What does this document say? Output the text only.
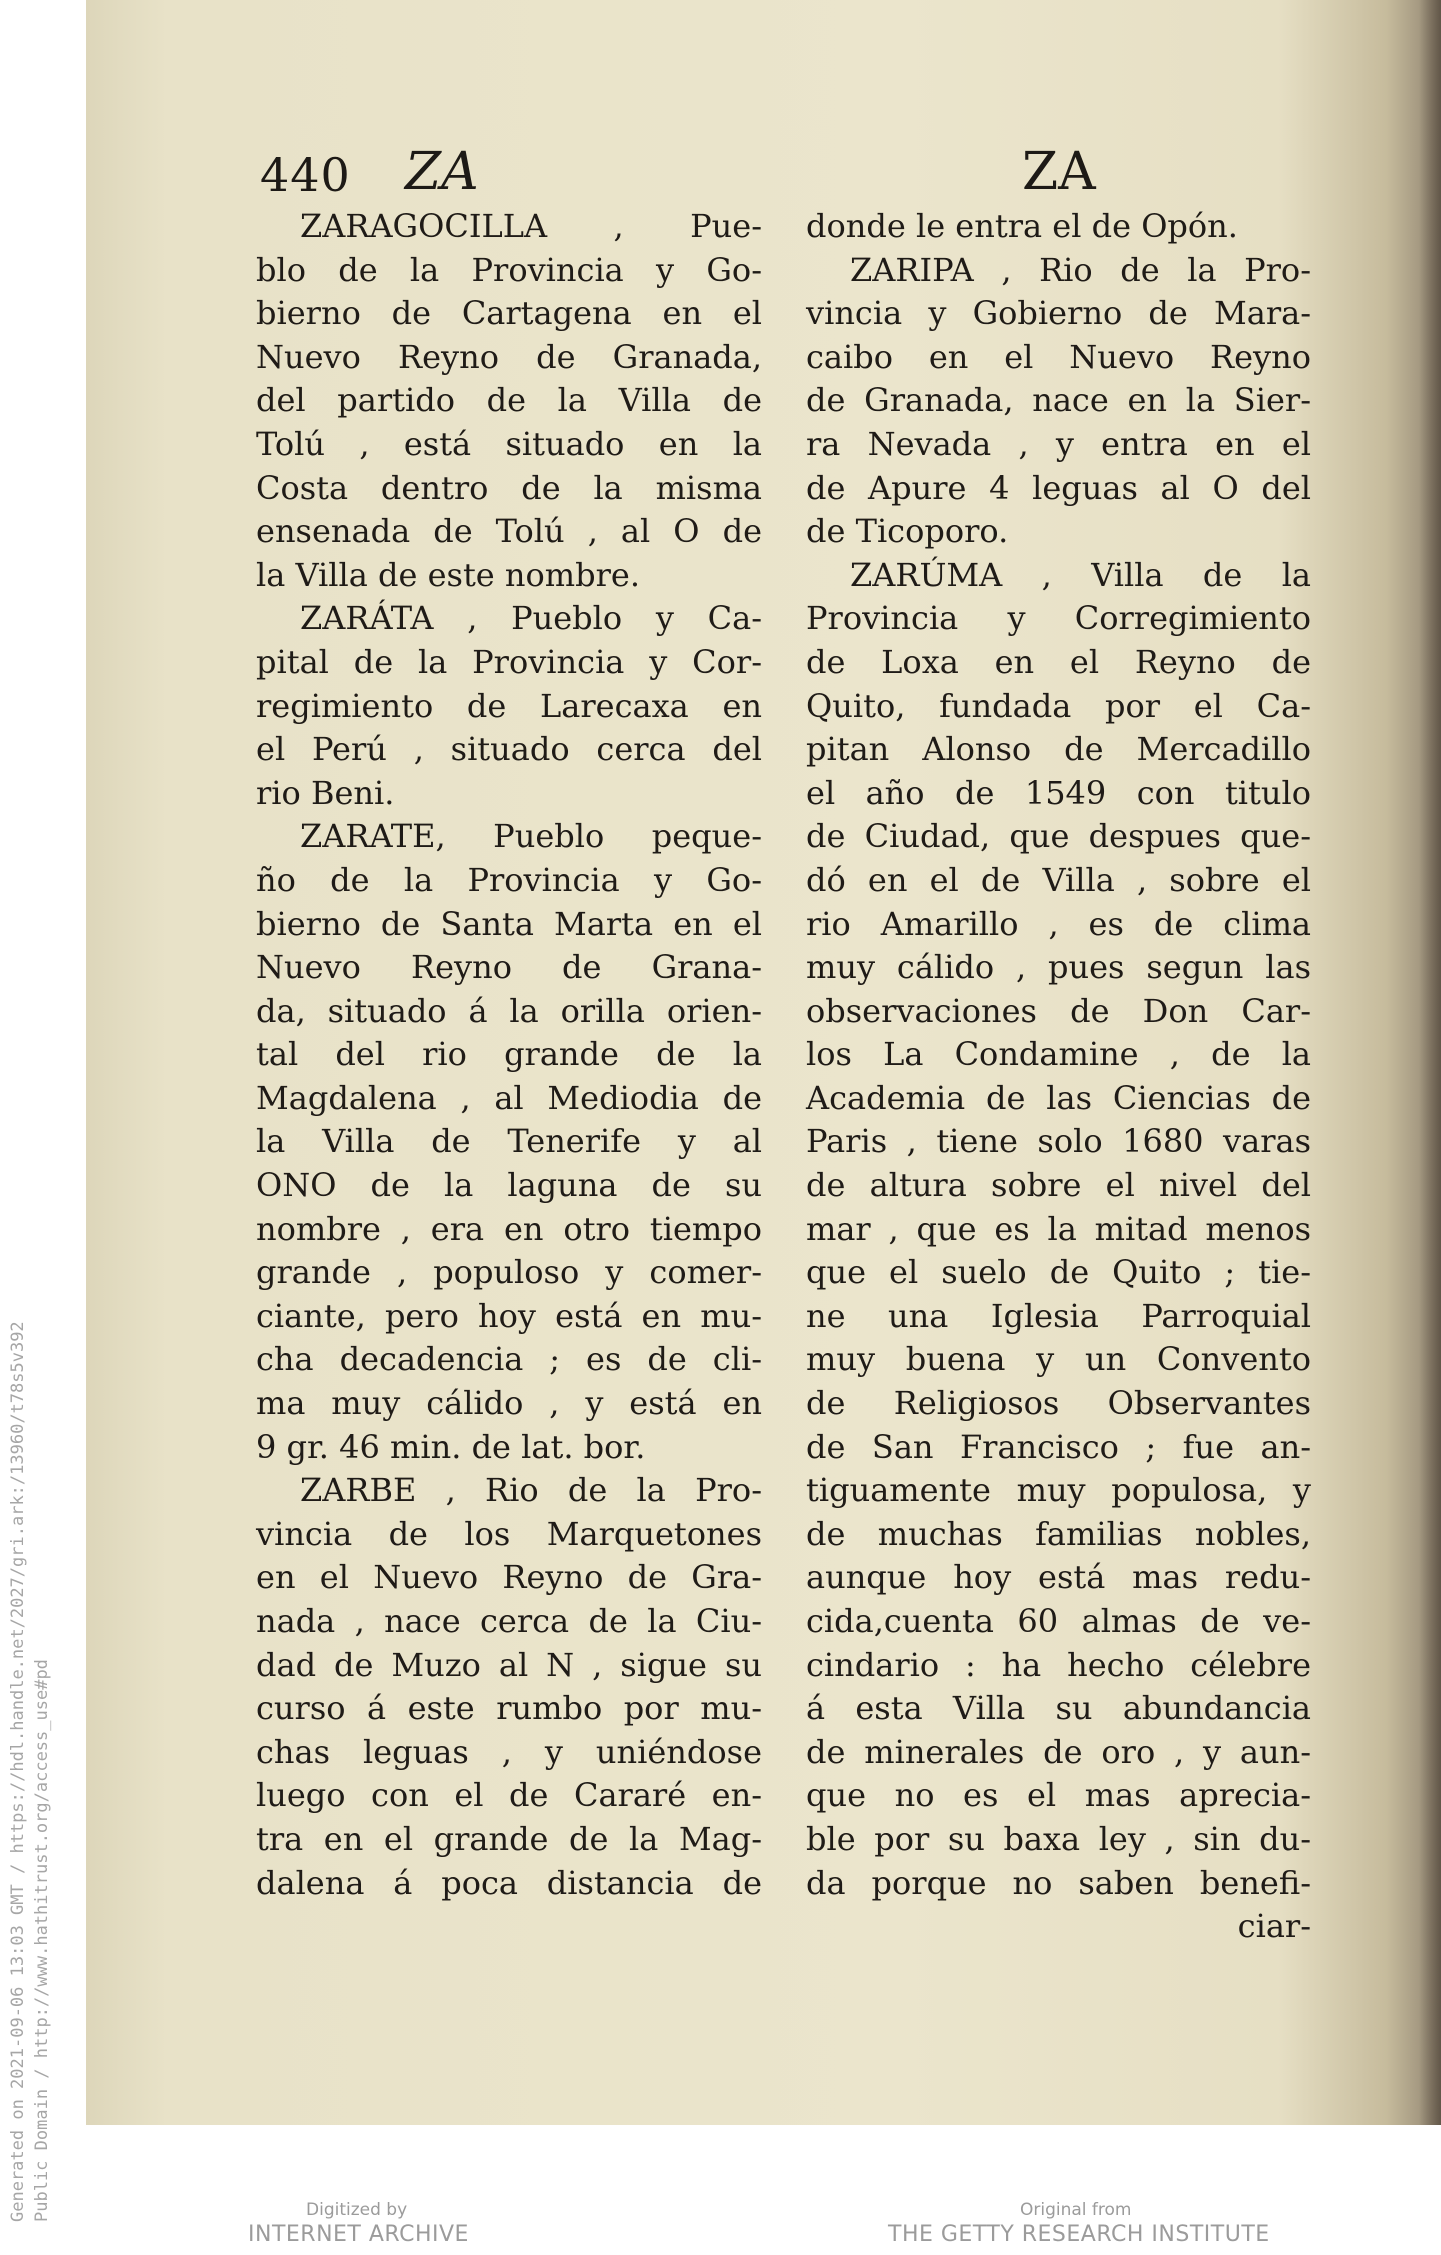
Generated on 2021-09-06 13:03 GMT / https://hdl.handle.net/2027/gri.ark:/13960/t78s5v392 Public Domain / http://www.hathitrust.org/access_use#pd
440 ZA	ZA
ZARAGOCILLA , Pue-
blo de la Provincia y Go-
bierno de Cartagena en el
Nuevo Reyno de Granada,
del partido de la Villa de
Tolú , está situado en la
Costa dentro de la misma
ensenada de Tolú , al O de
la Villa de este nombre.
ZARÁTA , Pueblo y Ca-
pital de la Provincia y Cor-
regimiento de Larecaxa en
el Perú , situado cerca del
rio Beni.
ZARATE, Pueblo peque-
ño de la Provincia y Go-
bierno de Santa Marta en el
Nuevo Reyno de Grana-
da, situado á la orilla orien-
tal del rio grande de la
Magdalena , al Mediodia de
la Villa de Tenerife y al
ONO de la laguna de su
nombre , era en otro tiempo
grande , populoso y comer-
ciante, pero hoy está en mu-
cha decadencia ; es de cli-
ma muy cálido , y está en
9 gr. 46 min. de lat. bor.
ZARBE , Rio de la Pro-
vincia de los Marquetones
en el Nuevo Reyno de Gra-
nada , nace cerca de la Ciu-
dad de Muzo al N , sigue su
curso á este rumbo por mu-
chas leguas , y uniéndose
luego con el de Cararé en-
tra en el grande de la Mag-
dalena á poca distancia de
donde le entra el de Opón.
ZARIPA , Rio de la Pro-
vincia y Gobierno de Mara-
caibo en el Nuevo Reyno
de Granada, nace en la Sier-
ra Nevada , y entra en el
de Apure 4 leguas al O del
de Ticoporo.
ZARÚMA , Villa de la
Provincia y Corregimiento
de Loxa en el Reyno de
Quito, fundada por el Ca-
pitan Alonso de Mercadillo
el año de 1549 con titulo
de Ciudad, que despues que-
dó en el de Villa , sobre el
rio Amarillo , es de clima
muy cálido , pues segun las
observaciones de Don Car-
los La Condamine , de la
Academia de las Ciencias de
Paris , tiene solo 1680 varas
de altura sobre el nivel del
mar , que es la mitad menos
que el suelo de Quito ; tie-
ne una Iglesia Parroquial
muy buena y un Convento
de Religiosos Observantes
de San Francisco ; fue an-
tiguamente muy populosa, y
de muchas familias nobles,
aunque hoy está mas redu-
cida,cuenta 60 almas de ve-
cindario : ha hecho célebre
á esta Villa su abundancia
de minerales de oro , y aun-
que no es el mas apreciа-
ble por su baxa ley , sin du-
da porque no saben benefi-
ciar-
Digitized by
INTERNET ARCHIVE
Original from
THE GETTY RESEARCH INSTITUTE
